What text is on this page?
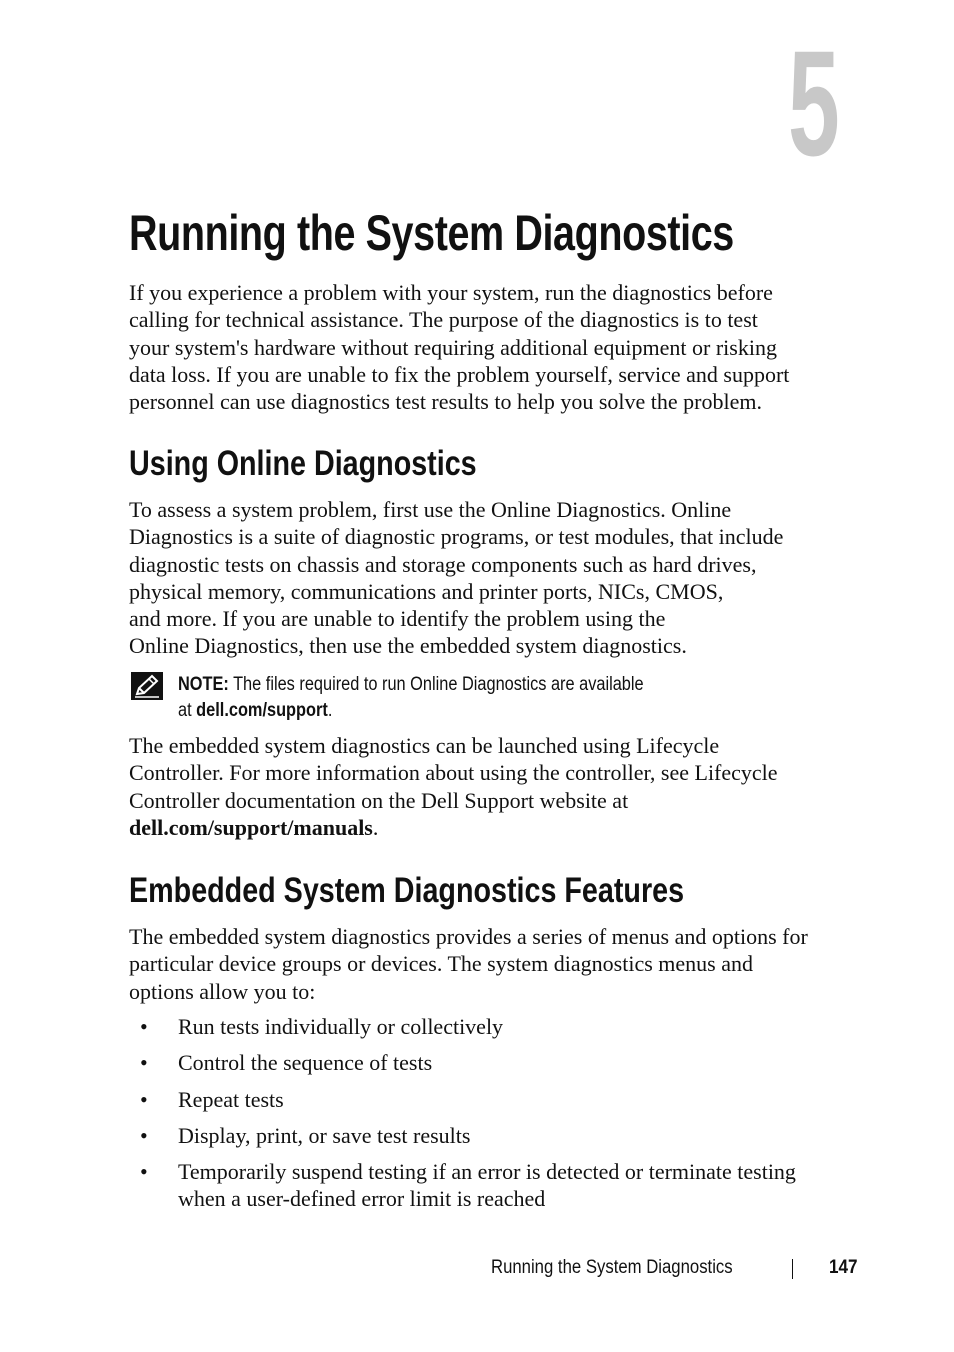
5
Running the System Diagnostics

If you experience a problem with your system, run the diagnostics before
calling for technical assistance. The purpose of the diagnostics is to test
your system's hardware without requiring additional equipment or risking
data loss. If you are unable to fix the problem yourself, service and support
personnel can use diagnostics test results to help you solve the problem.

Using Online Diagnostics

To assess a system problem, first use the Online Diagnostics. Online
Diagnostics is a suite of diagnostic programs, or test modules, that include
diagnostic tests on chassis and storage components such as hard drives,
physical memory, communications and printer ports, NICs, CMOS,
and more. If you are unable to identify the problem using the
Online Diagnostics, then use the embedded system diagnostics.

NOTE: The files required to run Online Diagnostics are available
at dell.com/support.

The embedded system diagnostics can be launched using Lifecycle
Controller. For more information about using the controller, see Lifecycle
Controller documentation on the Dell Support website at
dell.com/support/manuals.

Embedded System Diagnostics Features

The embedded system diagnostics provides a series of menus and options for
particular device groups or devices. The system diagnostics menus and
options allow you to:

• Run tests individually or collectively
• Control the sequence of tests
• Repeat tests
• Display, print, or save test results
• Temporarily suspend testing if an error is detected or terminate testing
when a user-defined error limit is reached
Running the System Diagnostics	147
